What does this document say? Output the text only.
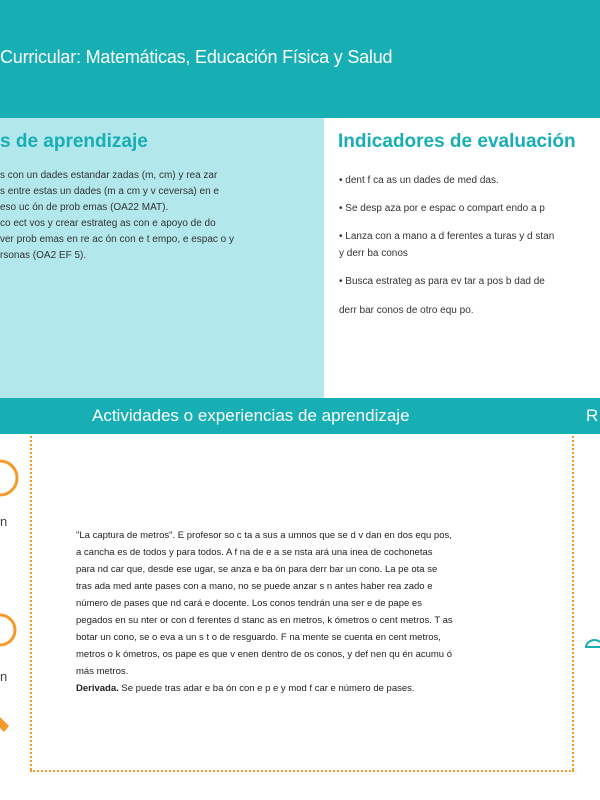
Curricular: Matemáticas, Educación Física y Salud
s de aprendizaje
s con un dades estandar zadas (m, cm) y rea zar
s entre estas un dades (m a cm y v ceversa) en e
eso uc ón de prob emas (OA22 MAT).
co ect vos y crear estrateg as con e apoyo de do
ver prob emas en re ac ón con e t empo, e espac o y
rsonas (OA2 EF 5).
Indicadores de evaluación
• dent f ca as un dades de med das.
• Se desp aza por e espac o compart endo a p
• Lanza con a mano a d ferentes a turas y d stan
y derr ba conos
• Busca estrateg as para ev tar a pos b dad de
derr bar conos de otro equ po.
Actividades o experiencias de aprendizaje	R
n
n
"La captura de metros". E profesor so c ta a sus a umnos que se d v dan en dos equ pos,
a cancha es de todos y para todos. A f na de e a se nsta ará una inea de cochonetas
para nd car que, desde ese ugar, se anza e ba ón para derr bar un cono. La pe ota se
tras ada med ante pases con a mano, no se puede anzar s n antes haber rea zado e
número de pases que nd cará e docente. Los conos tendrán una ser e de pape es
pegados en su nter or con d ferentes d stanc as en metros, k ómetros o cent metros. T as
botar un cono, se o eva a un s t o de resguardo. F na mente se cuenta en cent metros,
metros o k ómetros, os pape es que v enen dentro de os conos, y def nen qu én acumu ó
más metros.
Derivada. Se puede tras adar e ba ón con e p e y mod f car e número de pases.
